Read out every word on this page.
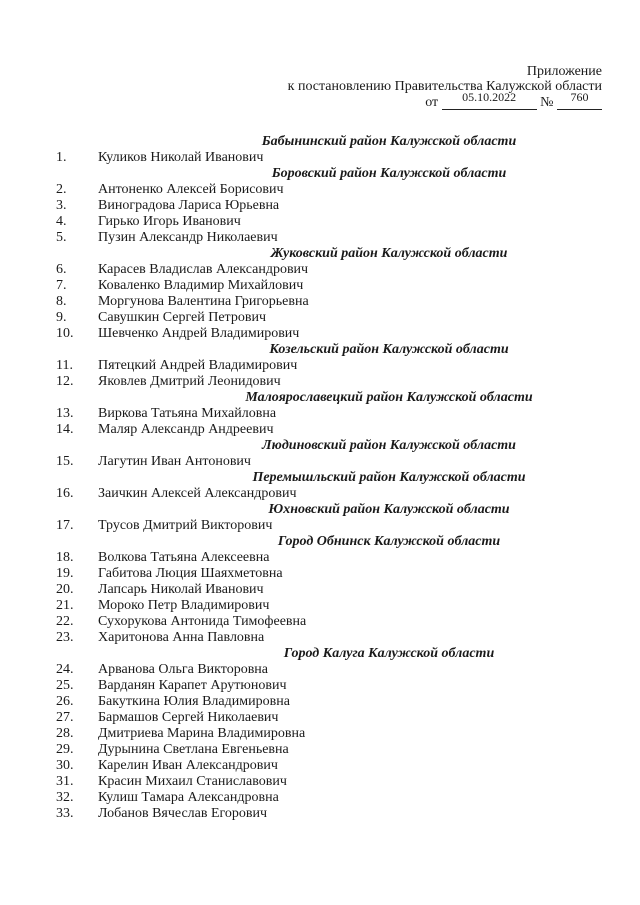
Приложение
к постановлению Правительства Калужской области
от 05.10.2022 № 760
Бабынинский район Калужской области
1. Куликов Николай Иванович
Боровский район Калужской области
2. Антоненко Алексей Борисович
3. Виноградова Лариса Юрьевна
4. Гирько Игорь Иванович
5. Пузин Александр Николаевич
Жуковский район Калужской области
6. Карасев Владислав Александрович
7. Коваленко Владимир Михайлович
8. Моргунова Валентина Григорьевна
9. Савушкин Сергей Петрович
10. Шевченко Андрей Владимирович
Козельский район Калужской области
11. Пятецкий Андрей Владимирович
12. Яковлев Дмитрий Леонидович
Малоярославецкий район Калужской области
13. Виркова Татьяна Михайловна
14. Маляр Александр Андреевич
Людиновский район Калужской области
15. Лагутин Иван Антонович
Перемышльский район Калужской области
16. Заичкин Алексей Александрович
Юхновский район Калужской области
17. Трусов Дмитрий Викторович
Город Обнинск Калужской области
18. Волкова Татьяна Алексеевна
19. Габитова Люция Шаяхметовна
20. Лапсарь Николай Иванович
21. Мороко Петр Владимирович
22. Сухорукова Антонида Тимофеевна
23. Харитонова Анна Павловна
Город Калуга Калужской области
24. Арванова Ольга Викторовна
25. Варданян Карапет Арутюнович
26. Бакуткина Юлия Владимировна
27. Бармашов Сергей Николаевич
28. Дмитриева Марина Владимировна
29. Дурынина Светлана Евгеньевна
30. Карелин Иван Александрович
31. Красин Михаил Станиславович
32. Кулиш Тамара Александровна
33. Лобанов Вячеслав Егорович
